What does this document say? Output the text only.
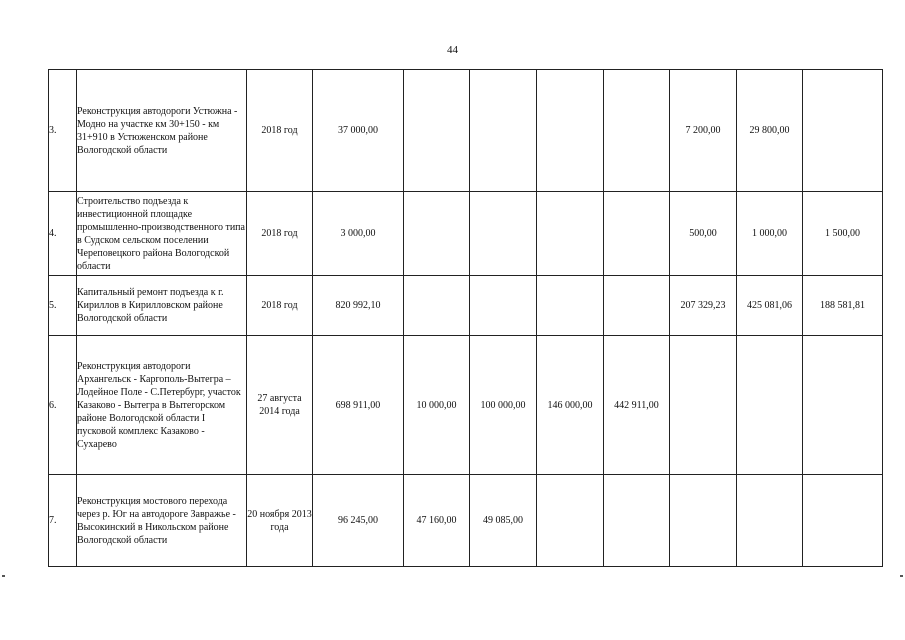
44
3.	Реконструкция автодороги Устюжна - Модно на участке км 30+150 - км 31+910 в Устюженском районе Вологодской области	2018 год	37 000,00					7 200,00	29 800,00	
4.	Строительство подъезда к инвестиционной площадке промышленно-производственного типа в Судском сельском поселении Череповецкого района Вологодской области	2018 год	3 000,00					500,00	1 000,00	1 500,00
5.	Капитальный ремонт подъезда к г. Кириллов в Кирилловском районе Вологодской области	2018 год	820 992,10					207 329,23	425 081,06	188 581,81
6.	Реконструкция автодороги Архангельск - Каргополь-Вытегра – Лодейное Поле - С.Петербург, участок Казаково - Вытегра в Вытегорском районе Вологодской области I пусковой комплекс Казаково - Сухарево	27 августа 2014 года	698 911,00	10 000,00	100 000,00	146 000,00	442 911,00			
7.	Реконструкция мостового перехода через р. Юг на автодороге Завражье - Высокинский в Никольском районе Вологодской области	20 ноября 2013 года	96 245,00	47 160,00	49 085,00					
